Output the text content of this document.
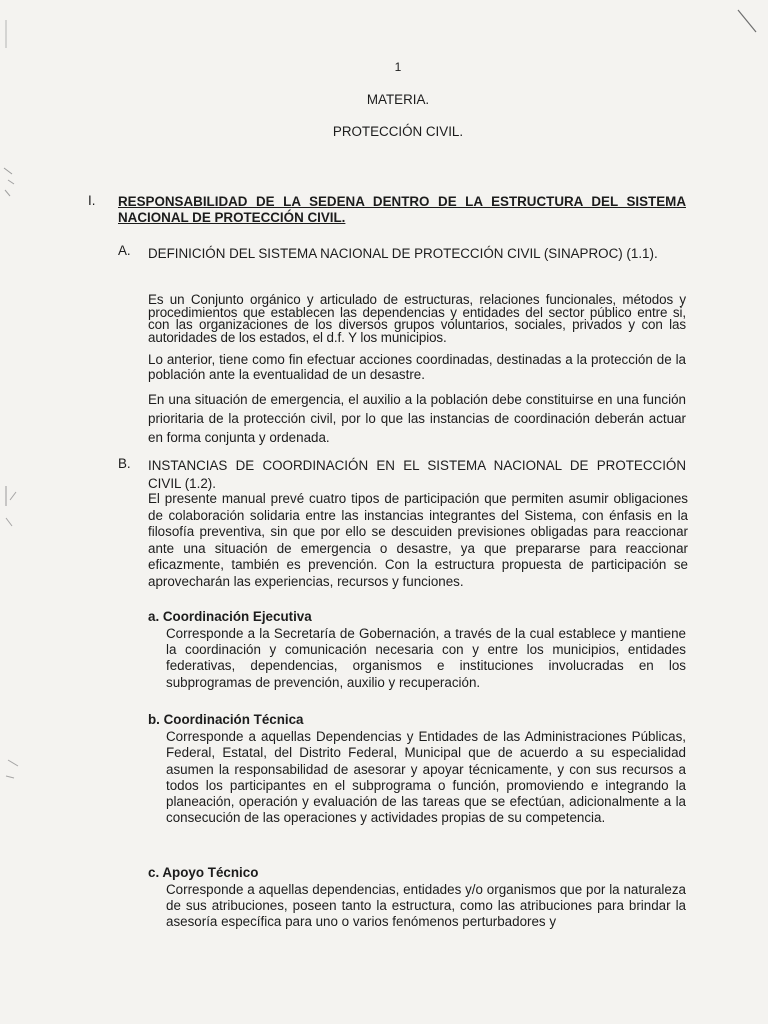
1
MATERIA.
PROTECCIÓN CIVIL.
I. RESPONSABILIDAD DE LA SEDENA DENTRO DE LA ESTRUCTURA DEL SISTEMA NACIONAL DE PROTECCIÓN CIVIL.
A. DEFINICIÓN DEL SISTEMA NACIONAL DE PROTECCIÓN CIVIL (SINAPROC) (1.1).
Es un Conjunto orgánico y articulado de estructuras, relaciones funcionales, métodos y procedimientos que establecen las dependencias y entidades del sector público entre si, con las organizaciones de los diversos grupos voluntarios, sociales, privados y con las autoridades de los estados, el d.f. Y los municipios.
Lo anterior, tiene como fin efectuar acciones coordinadas, destinadas a la protección de la población ante la eventualidad de un desastre.
En una situación de emergencia, el auxilio a la población debe constituirse en una función prioritaria de la protección civil, por lo que las instancias de coordinación deberán actuar en forma conjunta y ordenada.
B. INSTANCIAS DE COORDINACIÓN EN EL SISTEMA NACIONAL DE PROTECCIÓN CIVIL (1.2).
El presente manual prevé cuatro tipos de participación que permiten asumir obligaciones de colaboración solidaria entre las instancias integrantes del Sistema, con énfasis en la filosofía preventiva, sin que por ello se descuiden previsiones obligadas para reaccionar ante una situación de emergencia o desastre, ya que prepararse para reaccionar eficazmente, también es prevención. Con la estructura propuesta de participación se aprovecharán las experiencias, recursos y funciones.
a. Coordinación Ejecutiva
Corresponde a la Secretaría de Gobernación, a través de la cual establece y mantiene la coordinación y comunicación necesaria con y entre los municipios, entidades federativas, dependencias, organismos e instituciones involucradas en los subprogramas de prevención, auxilio y recuperación.
b. Coordinación Técnica
Corresponde a aquellas Dependencias y Entidades de las Administraciones Públicas, Federal, Estatal, del Distrito Federal, Municipal que de acuerdo a su especialidad asumen la responsabilidad de asesorar y apoyar técnicamente, y con sus recursos a todos los participantes en el subprograma o función, promoviendo e integrando la planeación, operación y evaluación de las tareas que se efectúan, adicionalmente a la consecución de las operaciones y actividades propias de su competencia.
c. Apoyo Técnico
Corresponde a aquellas dependencias, entidades y/o organismos que por la naturaleza de sus atribuciones, poseen tanto la estructura, como las atribuciones para brindar la asesoría específica para uno o varios fenómenos perturbadores y
